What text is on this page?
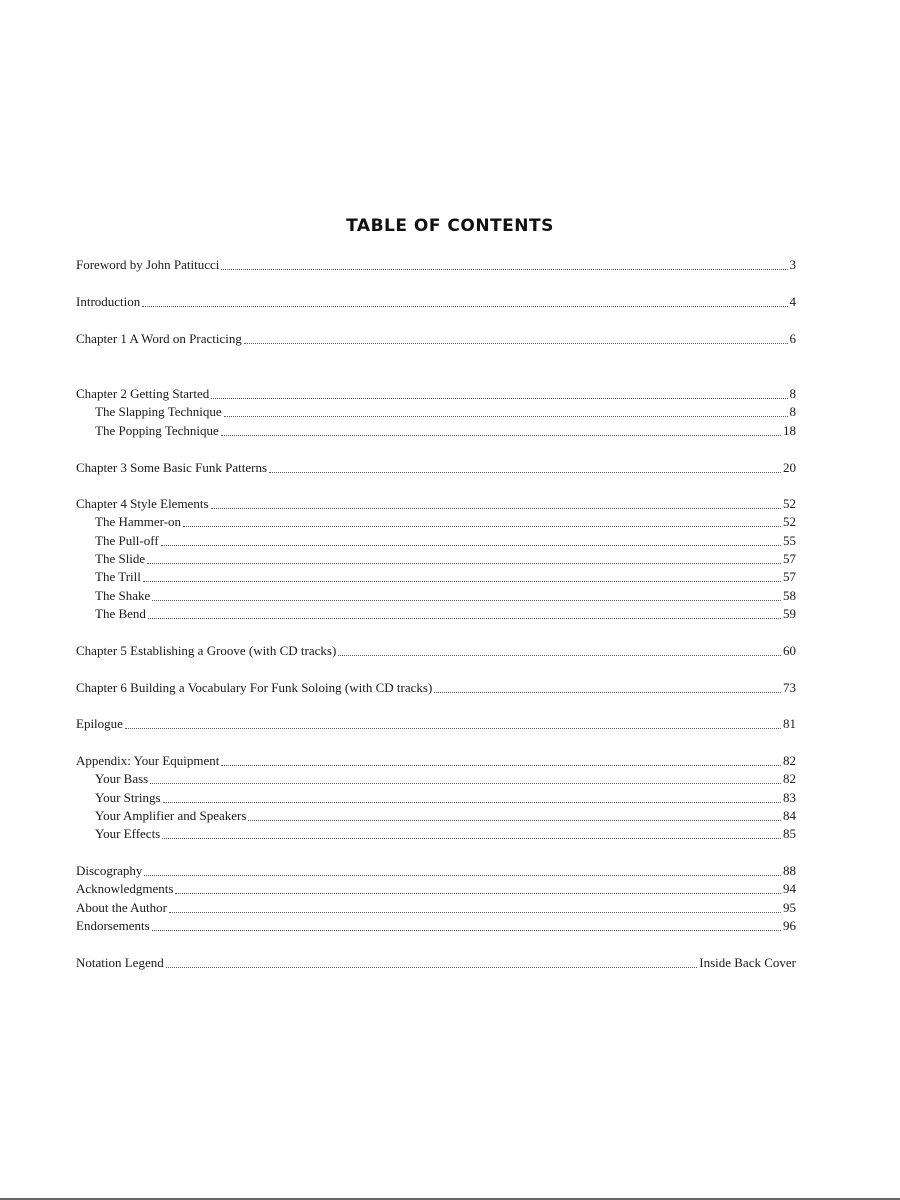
TABLE OF CONTENTS
Foreword by John Patitucci	3
Introduction	4
Chapter 1 A Word on Practicing	6
Chapter 2 Getting Started	8
The Slapping Technique	8
The Popping Technique	18
Chapter 3 Some Basic Funk Patterns	20
Chapter 4 Style Elements	52
The Hammer-on	52
The Pull-off	55
The Slide	57
The Trill	57
The Shake	58
The Bend	59
Chapter 5 Establishing a Groove (with CD tracks)	60
Chapter 6 Building a Vocabulary For Funk Soloing (with CD tracks)	73
Epilogue	81
Appendix: Your Equipment	82
Your Bass	82
Your Strings	83
Your Amplifier and Speakers	84
Your Effects	85
Discography	88
Acknowledgments	94
About the Author	95
Endorsements	96
Notation Legend	Inside Back Cover
